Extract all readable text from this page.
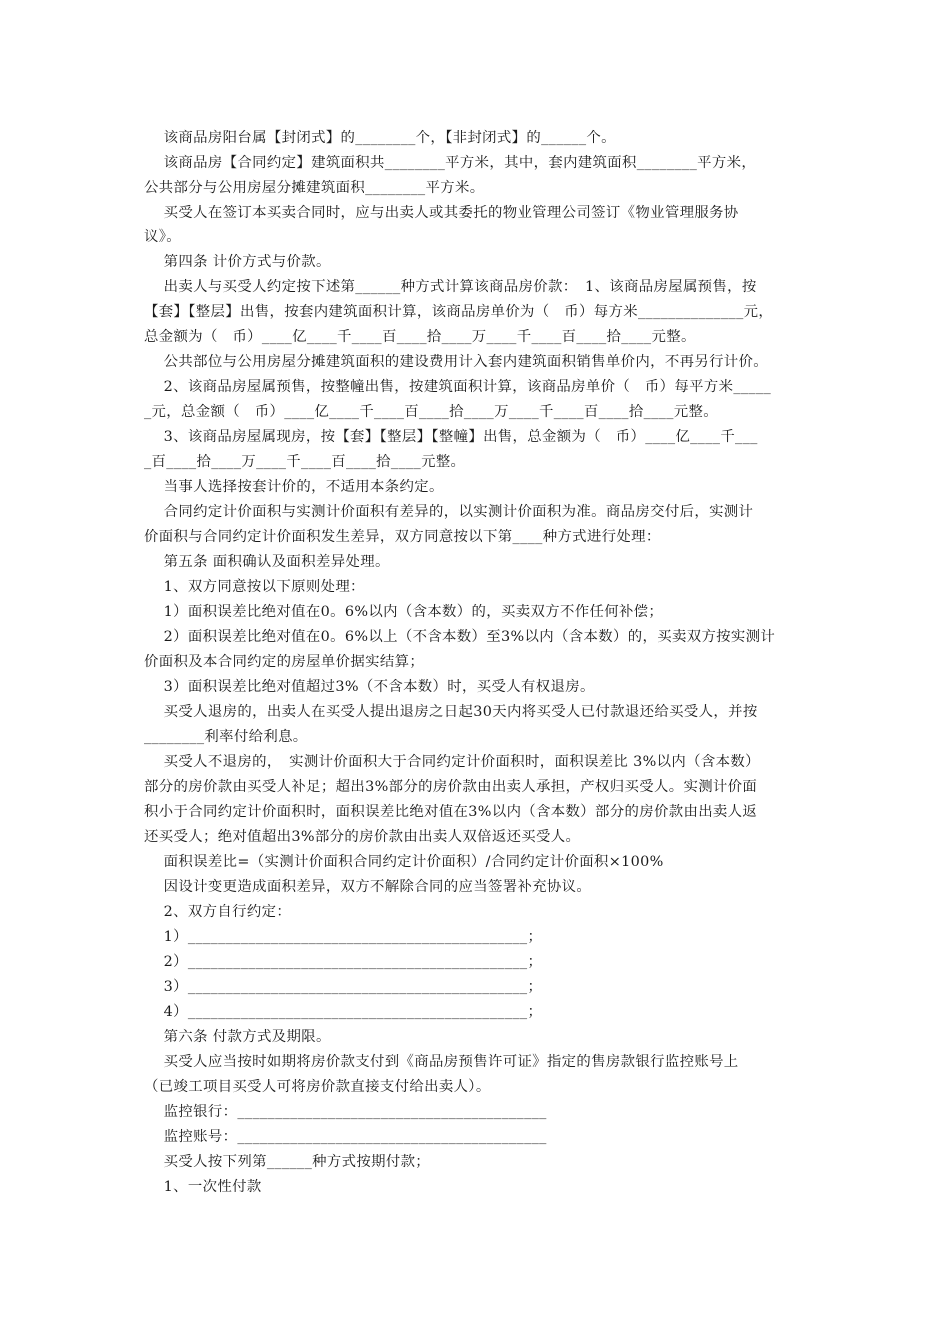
　 该商品房阳台属【封闭式】的________个，【非封闭式】的______个。
　 该商品房【合同约定】建筑面积共________平方米，其中，套内建筑面积________平方米，
公共部分与公用房屋分摊建筑面积________平方米。
　 买受人在签订本买卖合同时，应与出卖人或其委托的物业管理公司签订《物业管理服务协
议》。
　 第四条 计价方式与价款。
　 出卖人与买受人约定按下述第______种方式计算该商品房价款：　1、该商品房屋属预售，按
【套】【整层】出售，按套内建筑面积计算，该商品房单价为（　币）每方米______________元，
总金额为（　币）____亿____千____百____拾____万____千____百____拾____元整。
　 公共部位与公用房屋分摊建筑面积的建设费用计入套内建筑面积销售单价内，不再另行计价。
　 2、该商品房屋属预售，按整幢出售，按建筑面积计算，该商品房单价（　币）每平方米_____
_元，总金额（　币）____亿____千____百____拾____万____千____百____拾____元整。
　 3、该商品房屋属现房，按【套】【整层】【整幢】出售，总金额为（　币）____亿____千___
_百____拾____万____千____百____拾____元整。
　 当事人选择按套计价的，不适用本条约定。
　 合同约定计价面积与实测计价面积有差异的，以实测计价面积为准。商品房交付后，实测计
价面积与合同约定计价面积发生差异，双方同意按以下第____种方式进行处理：
　 第五条 面积确认及面积差异处理。
　 1、双方同意按以下原则处理：
　 1）面积误差比绝对值在0。6%以内（含本数）的，买卖双方不作任何补偿；
　 2）面积误差比绝对值在0。6%以上（不含本数）至3%以内（含本数）的，买卖双方按实测计
价面积及本合同约定的房屋单价据实结算；
　 3）面积误差比绝对值超过3%（不含本数）时，买受人有权退房。
　 买受人退房的，出卖人在买受人提出退房之日起30天内将买受人已付款退还给买受人，并按
________利率付给利息。
　 买受人不退房的，　实测计价面积大于合同约定计价面积时，面积误差比 3%以内（含本数）
部分的房价款由买受人补足；超出3%部分的房价款由出卖人承担，产权归买受人。实测计价面
积小于合同约定计价面积时，面积误差比绝对值在3%以内（含本数）部分的房价款由出卖人返
还买受人；绝对值超出3%部分的房价款由出卖人双倍返还买受人。
　 面积误差比=（实测计价面积合同约定计价面积）/合同约定计价面积×100%
　 因设计变更造成面积差异，双方不解除合同的应当签署补充协议。
　 2、双方自行约定：
　 1）_____________________________________________；
　 2）_____________________________________________；
　 3）_____________________________________________；
　 4）_____________________________________________；
　 第六条 付款方式及期限。
　 买受人应当按时如期将房价款支付到《商品房预售许可证》指定的售房款银行监控账号上
（已竣工项目买受人可将房价款直接支付给出卖人）。
　 监控银行：_________________________________________
　 监控账号：_________________________________________
　 买受人按下列第______种方式按期付款；
　 1、一次性付款
